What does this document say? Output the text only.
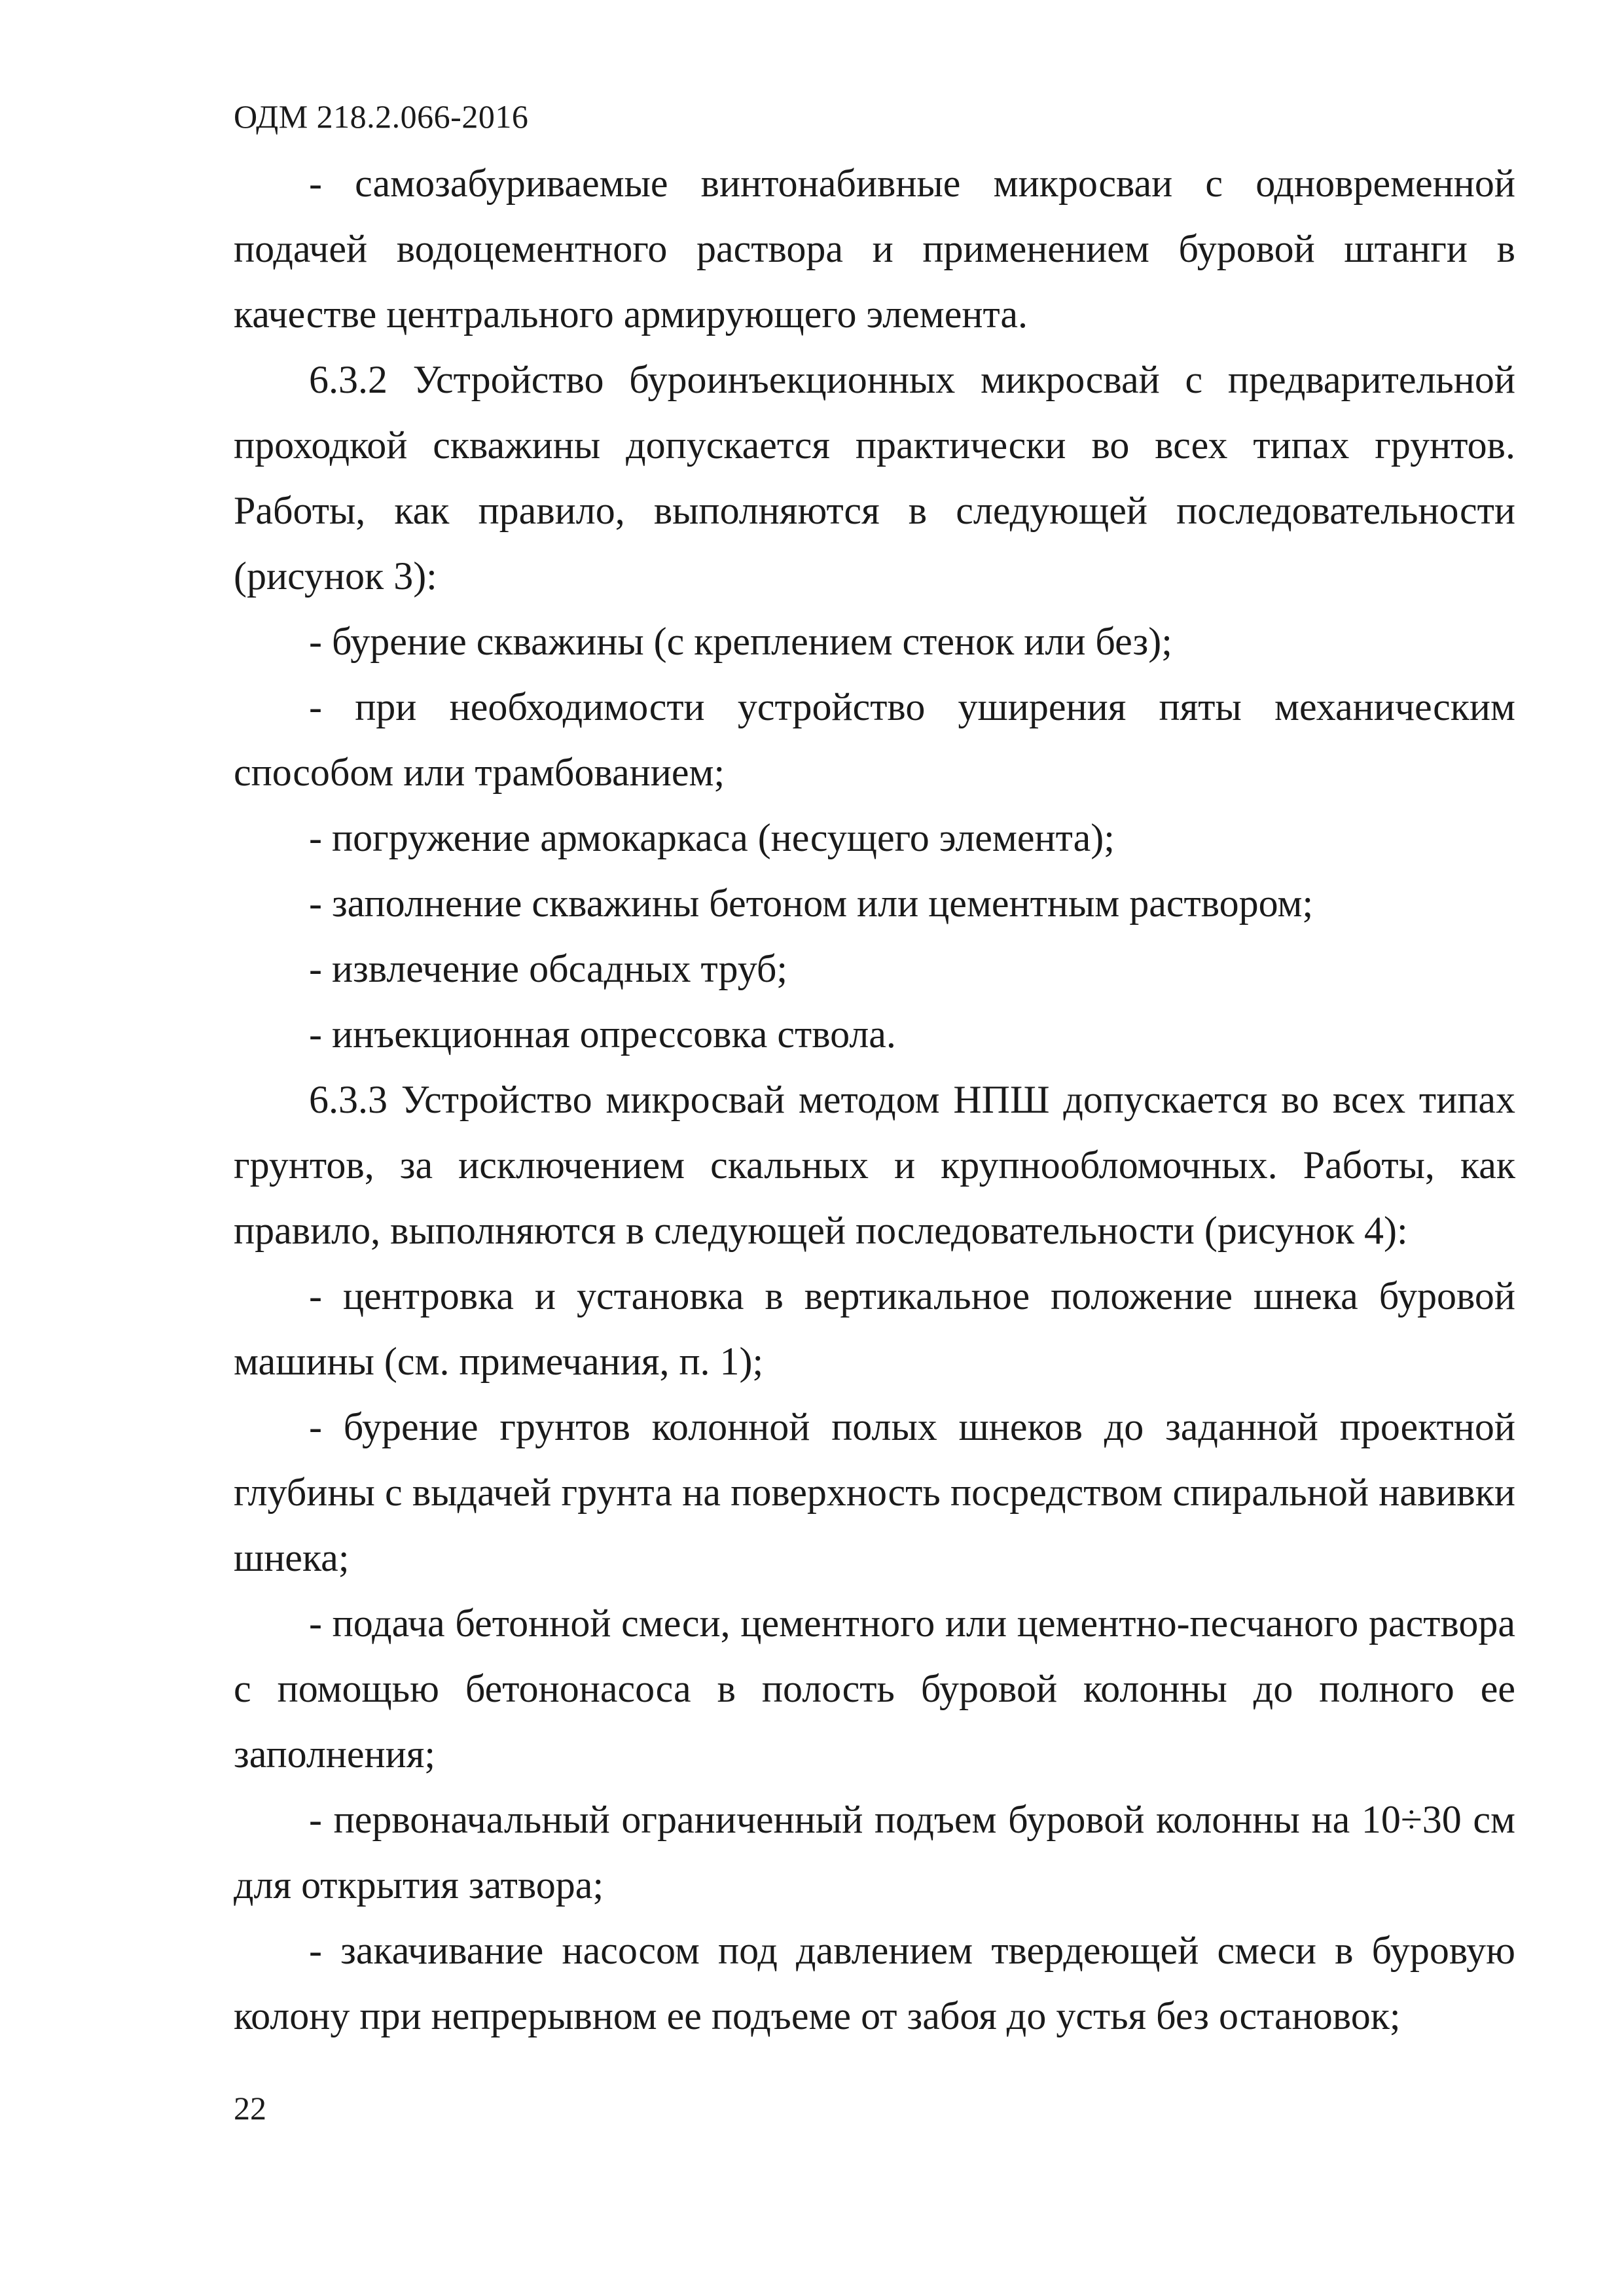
ОДМ 218.2.066-2016

- самозабуриваемые винтонабивные микросваи с одновременной подачей водоцементного раствора и применением буровой штанги в качестве центрального армирующего элемента.

6.3.2 Устройство буроинъекционных микросвай с предварительной проходкой скважины допускается практически во всех типах грунтов. Работы, как правило, выполняются в следующей последовательности (рисунок 3):

- бурение скважины (с креплением стенок или без);

- при необходимости устройство уширения пяты механическим способом или трамбованием;

- погружение армокаркаса (несущего элемента);

- заполнение скважины бетоном или цементным раствором;

- извлечение обсадных труб;

- инъекционная опрессовка ствола.

6.3.3 Устройство микросвай методом НПШ допускается во всех типах грунтов, за исключением скальных и крупнообломочных. Работы, как правило, выполняются в следующей последовательности (рисунок 4):

- центровка и установка в вертикальное положение шнека буровой машины (см. примечания, п. 1);

- бурение грунтов колонной полых шнеков до заданной проектной глубины с выдачей грунта на поверхность посредством спиральной навивки шнека;

- подача бетонной смеси, цементного или цементно-песчаного раствора с помощью бетононасоса в полость буровой колонны до полного ее заполнения;

- первоначальный ограниченный подъем буровой колонны на 10÷30 см для открытия затвора;

- закачивание насосом под давлением твердеющей смеси в буровую колону при непрерывном ее подъеме от забоя до устья без остановок;

22
